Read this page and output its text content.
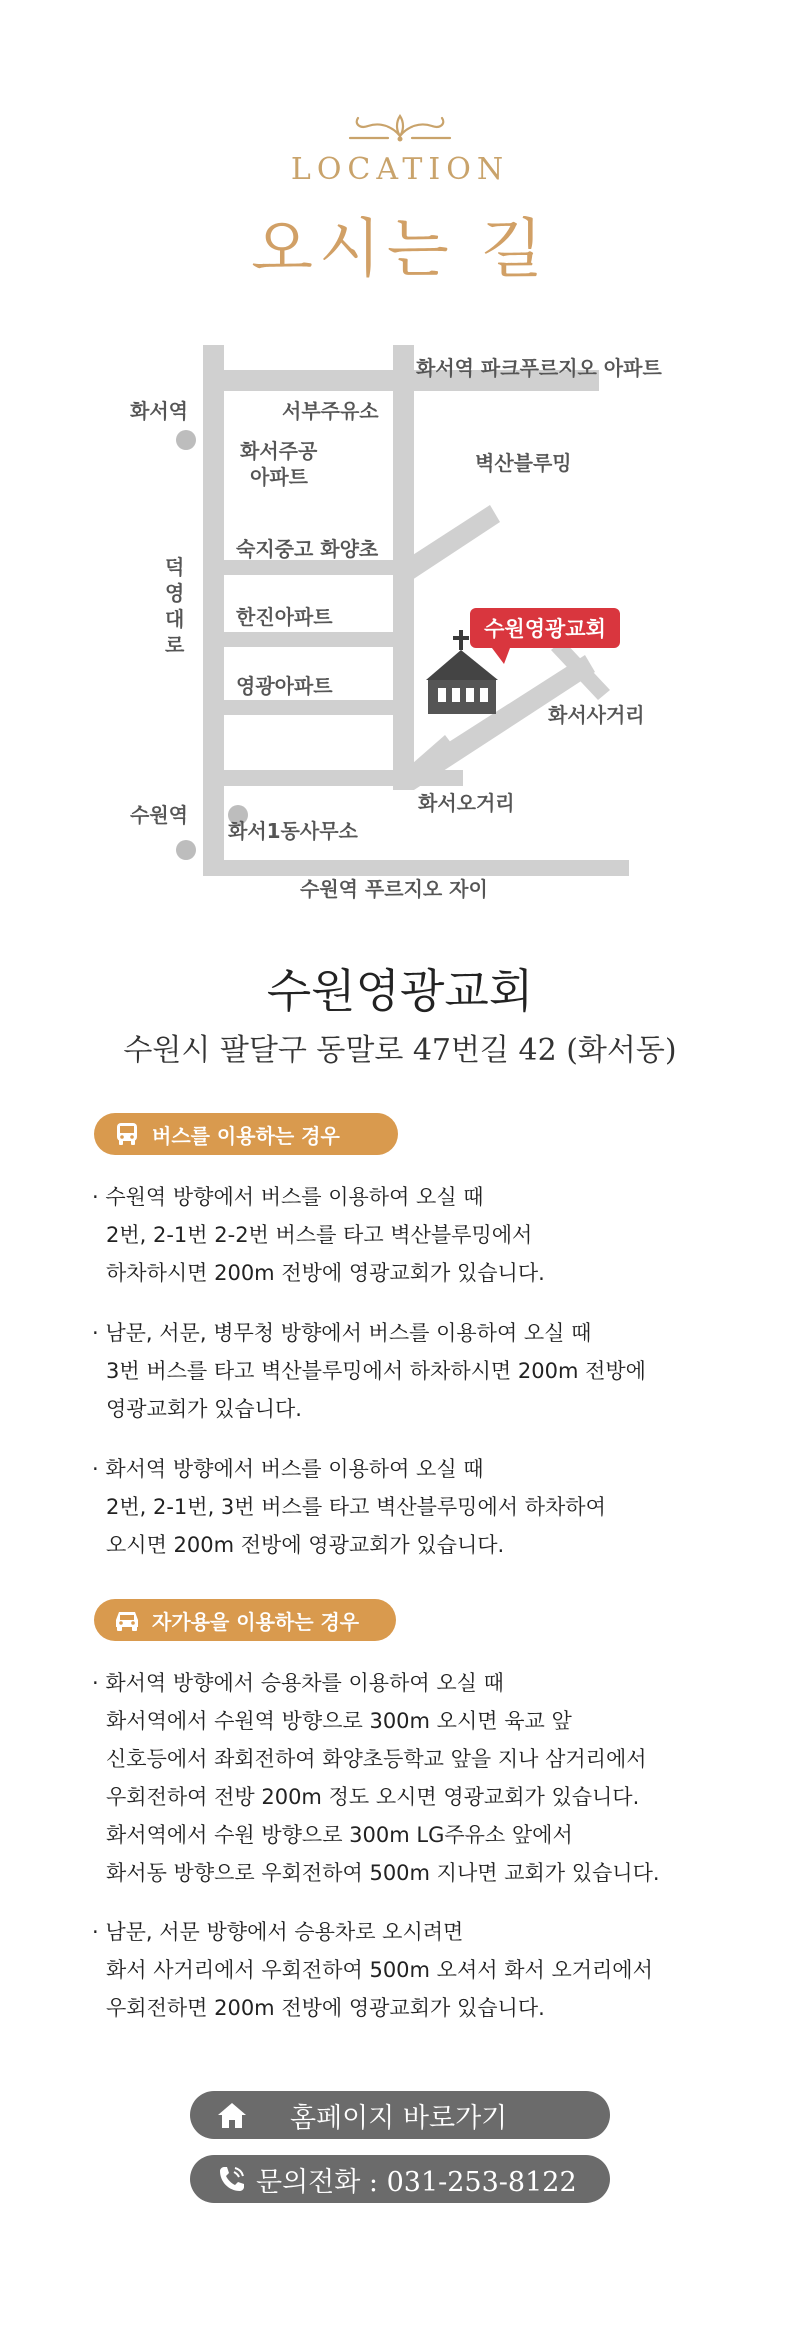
LOCATION
오시는 길
수원영광교회
화서역 파크푸르지오 아파트
화서역	서부주유소
화서주공
아파트
벽산블루밍
덕
영
대
로
숙지중고 화양초
한진아파트
영광아파트
화서사거리
화서오거리
수원역
화서1동사무소
수원역 푸르지오 자이
수원영광교회
수원시 팔달구 동말로 47번길 42 (화서동)
버스를 이용하는 경우
· 수원역 방향에서 버스를 이용하여 오실 때
2번, 2-1번 2-2번 버스를 타고 벽산블루밍에서
하차하시면 200m 전방에 영광교회가 있습니다.
· 남문, 서문, 병무청 방향에서 버스를 이용하여 오실 때
3번 버스를 타고 벽산블루밍에서 하차하시면 200m 전방에
영광교회가 있습니다.
· 화서역 방향에서 버스를 이용하여 오실 때
2번, 2-1번, 3번 버스를 타고 벽산블루밍에서 하차하여
오시면 200m 전방에 영광교회가 있습니다.
자가용을 이용하는 경우
· 화서역 방향에서 승용차를 이용하여 오실 때
화서역에서 수원역 방향으로 300m 오시면 육교 앞
신호등에서 좌회전하여 화양초등학교 앞을 지나 삼거리에서
우회전하여 전방 200m 정도 오시면 영광교회가 있습니다.
화서역에서 수원 방향으로 300m LG주유소 앞에서
화서동 방향으로 우회전하여 500m 지나면 교회가 있습니다.
· 남문, 서문 방향에서 승용차로 오시려면
화서 사거리에서 우회전하여 500m 오셔서 화서 오거리에서
우회전하면 200m 전방에 영광교회가 있습니다.
홈페이지 바로가기
문의전화 : 031-253-8122
